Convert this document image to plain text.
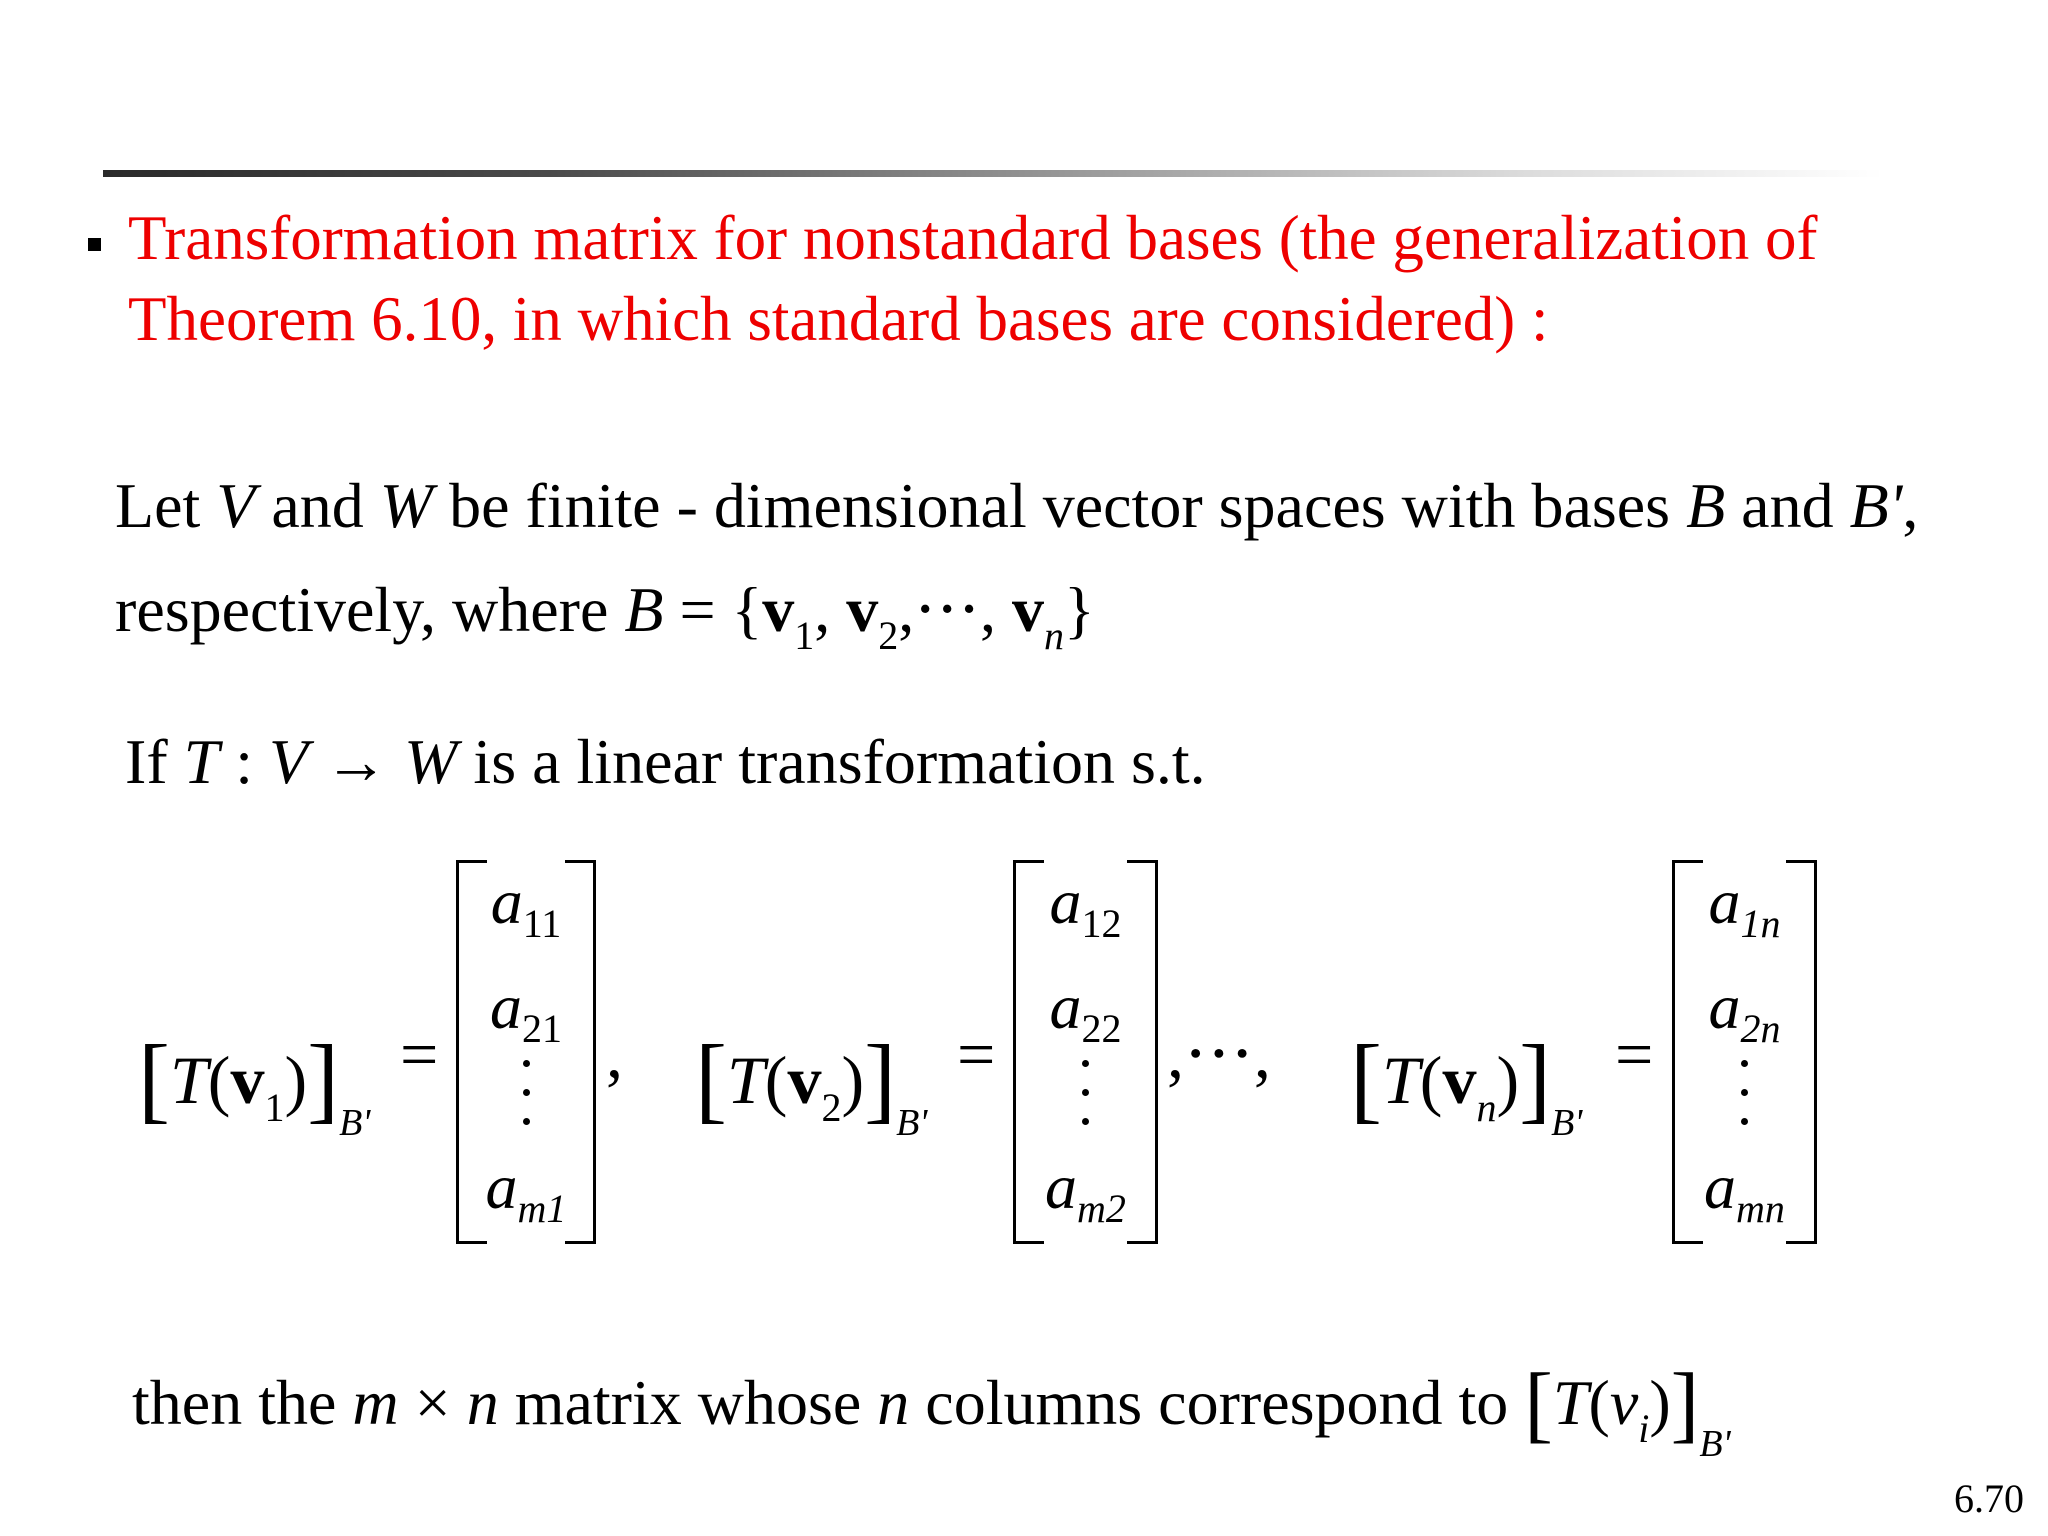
Transformation matrix for nonstandard bases (the generalization of Theorem 6.10, in which standard bases are considered) :
Let V and W be finite - dimensional vector spaces with bases B and B',
respectively, where $B = \{v_1$, $v_2,\cdot\cdot\cdot$, $v_n$}
If T : V → W is a linear transformation s.t.
$[T(v_1)]_{B'}$
=
$a_{11}$
$a_{21}$
$a_{m1}$
, $[T(v_2)]_{B'}$
=
$a_{12}$
$a_{22}$
$a_{m2}$
,⋅⋅⋅, $[T(v_n)]_{B'}$
=
$a_{1n}$
$a_{2n}$
$a_{mn}$
then the m × n matrix whose n columns correspond to $[T(v_i)]_{B'}$
6.70
